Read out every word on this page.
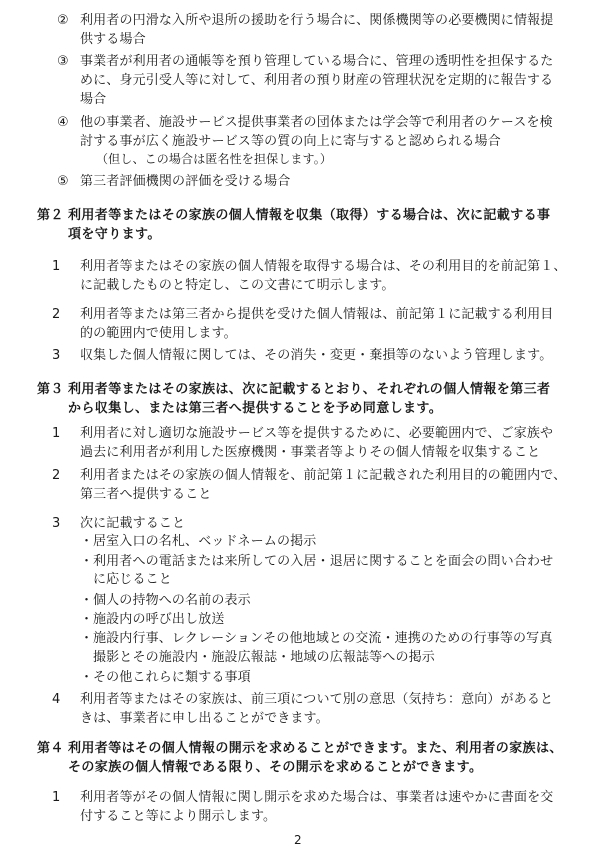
② 利用者の円滑な入所や退所の援助を行う場合に、関係機関等の必要機関に情報提
供する場合
③ 事業者が利用者の通帳等を預り管理している場合に、管理の透明性を担保するた
めに、身元引受人等に対して、利用者の預り財産の管理状況を定期的に報告する
場合
④ 他の事業者、施設サービス提供事業者の団体または学会等で利用者のケースを検
討する事が広く施設サービス等の質の向上に寄与すると認められる場合
（但し、この場合は匿名性を担保します。）
⑤ 第三者評価機関の評価を受ける場合
第２ 利用者等またはその家族の個人情報を収集（取得）する場合は、次に記載する事
項を守ります。
1 利用者等またはその家族の個人情報を取得する場合は、その利用目的を前記第１、
に記載したものと特定し、この文書にて明示します。
2 利用者等または第三者から提供を受けた個人情報は、前記第１に記載する利用目
的の範囲内で使用します。
3 収集した個人情報に関しては、その消失・変更・棄損等のないよう管理します。
第３ 利用者等またはその家族は、次に記載するとおり、それぞれの個人情報を第三者
から収集し、または第三者へ提供することを予め同意します。
1 利用者に対し適切な施設サービス等を提供するために、必要範囲内で、ご家族や
過去に利用者が利用した医療機関・事業者等よりその個人情報を収集すること
2 利用者またはその家族の個人情報を、前記第１に記載された利用目的の範囲内で、
第三者へ提供すること
3 次に記載すること
・ 居室入口の名札、ベッドネームの掲示
・ 利用者への電話または来所しての入居・退居に関することを面会の問い合わせ
に応じること
・ 個人の持物への名前の表示
・ 施設内の呼び出し放送
・ 施設内行事、レクレーションその他地域との交流・連携のための行事等の写真
撮影とその施設内・施設広報誌・地域の広報誌等への掲示
・ その他これらに類する事項
4 利用者等またはその家族は、前三項について別の意思（気持ち：意向）があると
きは、事業者に申し出ることができます。
第４ 利用者等はその個人情報の開示を求めることができます。また、利用者の家族は、
その家族の個人情報である限り、その開示を求めることができます。
1 利用者等がその個人情報に関し開示を求めた場合は、事業者は速やかに書面を交
付すること等により開示します。
2
